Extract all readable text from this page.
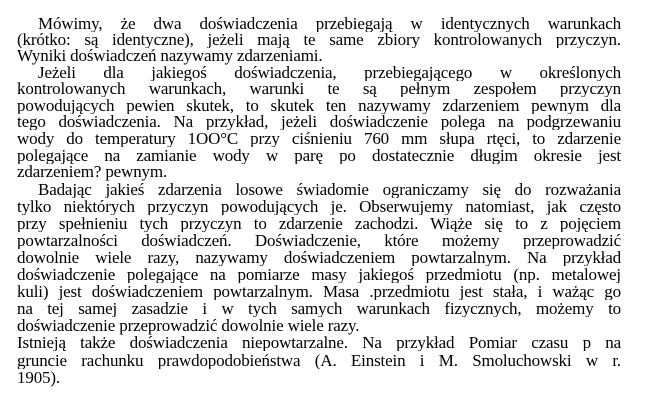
Mówimy, że dwa doświadczenia przebiegają w identycznych warunkach
(krótko: są identyczne), jeżeli mają te same zbiory kontrolowanych przyczyn.
Wyniki doświadczeń nazywamy zdarzeniami.
Jeżeli dla jakiegoś doświadczenia, przebiegającego w określonych
kontrolowanych warunkach, warunki te są pełnym zespołem przyczyn
powodujących pewien skutek, to skutek ten nazywamy zdarzeniem pewnym dla
tego doświadczenia. Na przykład, jeżeli doświadczenie polega na podgrzewaniu
wody do temperatury 1OO°C przy ciśnieniu 760 mm słupa rtęci, to zdarzenie
polegające na zamianie wody w parę po dostatecznie długim okresie jest
zdarzeniem? pewnym.
Badając jakieś zdarzenia losowe świadomie ograniczamy się do rozważania
tylko niektórych przyczyn powodujących je. Obserwujemy natomiast, jak często
przy spełnieniu tych przyczyn to zdarzenie zachodzi. Wiąże się to z pojęciem
powtarzalności doświadczeń. Doświadczenie, które możemy przeprowadzić
dowolnie wiele razy, nazywamy doświadczeniem powtarzalnym. Na przykład
doświadczenie polegające na pomiarze masy jakiegoś przedmiotu (np. metalowej
kuli) jest doświadczeniem powtarzalnym. Masa .przedmiotu jest stała, i ważąc go
na tej samej zasadzie i w tych samych warunkach fizycznych, możemy to
doświadczenie przeprowadzić dowolnie wiele razy.
Istnieją także doświadczenia niepowtarzalne. Na przykład Pomiar czasu p na
gruncie rachunku prawdopodobieństwa (A. Einstein i M. Smoluchowski w r.
1905).
